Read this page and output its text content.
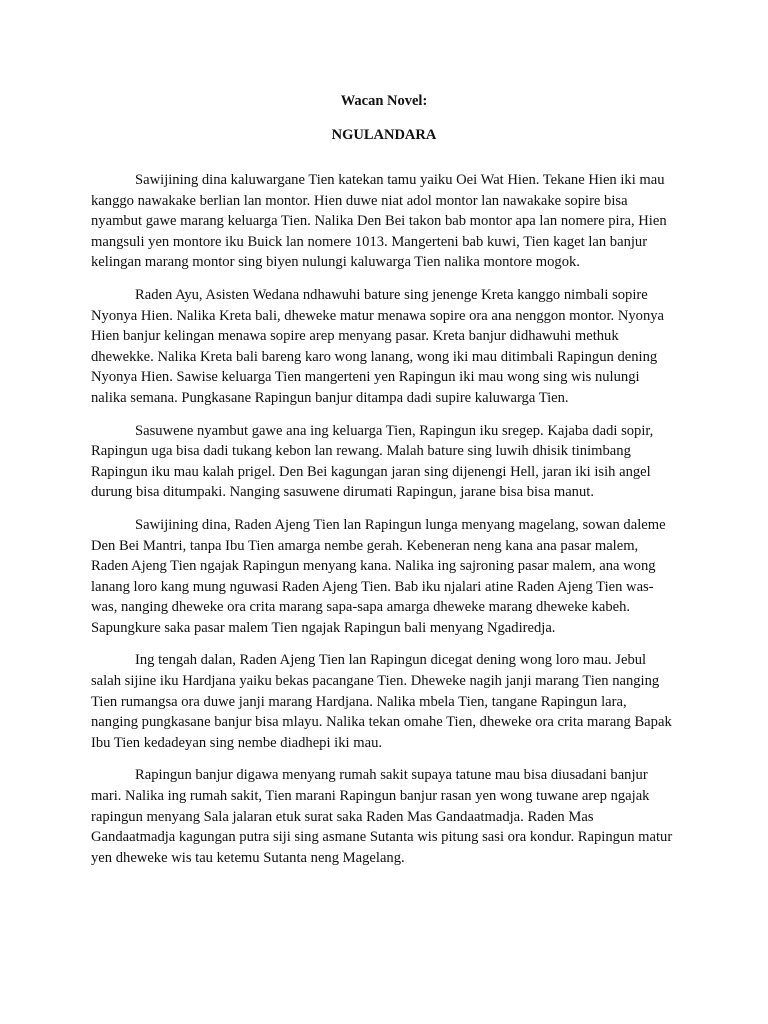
Wacan Novel:

NGULANDARA

Sawijining dina kaluwargane Tien katekan tamu yaiku Oei Wat Hien. Tekane Hien iki mau kanggo nawakake berlian lan montor. Hien duwe niat adol montor lan nawakake sopire bisa nyambut gawe marang keluarga Tien. Nalika Den Bei takon bab montor apa lan nomere pira, Hien mangsuli yen montore iku Buick lan nomere 1013. Mangerteni bab kuwi, Tien kaget lan banjur kelingan marang montor sing biyen nulungi kaluwarga Tien nalika montore mogok.

Raden Ayu, Asisten Wedana ndhawuhi bature sing jenenge Kreta kanggo nimbali sopire Nyonya Hien. Nalika Kreta bali, dheweke matur menawa sopire ora ana nenggon montor. Nyonya Hien banjur kelingan menawa sopire arep menyang pasar. Kreta banjur didhawuhi methuk dhewekke. Nalika Kreta bali bareng karo wong lanang, wong iki mau ditimbali Rapingun dening Nyonya Hien. Sawise keluarga Tien mangerteni yen Rapingun iki mau wong sing wis nulungi nalika semana. Pungkasane Rapingun banjur ditampa dadi supire kaluwarga Tien.

Sasuwene nyambut gawe ana ing keluarga Tien, Rapingun iku sregep. Kajaba dadi sopir, Rapingun uga bisa dadi tukang kebon lan rewang. Malah bature sing luwih dhisik tinimbang Rapingun iku mau kalah prigel. Den Bei kagungan jaran sing dijenengi Hell, jaran iki isih angel durung bisa ditumpaki. Nanging sasuwene dirumati Rapingun, jarane bisa bisa manut.

Sawijining dina, Raden Ajeng Tien lan Rapingun lunga menyang magelang, sowan daleme Den Bei Mantri, tanpa Ibu Tien amarga nembe gerah. Kebeneran neng kana ana pasar malem, Raden Ajeng Tien ngajak Rapingun menyang kana. Nalika ing sajroning pasar malem, ana wong lanang loro kang mung nguwasi Raden Ajeng Tien. Bab iku njalari atine Raden Ajeng Tien was-was, nanging dheweke ora crita marang sapa-sapa amarga dheweke marang dheweke kabeh. Sapungkure saka pasar malem Tien ngajak Rapingun bali menyang Ngadiredja.

Ing tengah dalan, Raden Ajeng Tien lan Rapingun dicegat dening wong loro mau. Jebul salah sijine iku Hardjana yaiku bekas pacangane Tien. Dheweke nagih janji marang Tien nanging Tien rumangsa ora duwe janji marang Hardjana. Nalika mbela Tien, tangane Rapingun lara, nanging pungkasane banjur bisa mlayu. Nalika tekan omahe Tien, dheweke ora crita marang Bapak Ibu Tien kedadeyan sing nembe diadhepi iki mau.

Rapingun banjur digawa menyang rumah sakit supaya tatune mau bisa diusadani banjur mari. Nalika ing rumah sakit, Tien marani Rapingun banjur rasan yen wong tuwane arep ngajak rapingun menyang Sala jalaran etuk surat saka Raden Mas Gandaatmadja. Raden Mas Gandaatmadja kagungan putra siji sing asmane Sutanta wis pitung sasi ora kondur. Rapingun matur yen dheweke wis tau ketemu Sutanta neng Magelang.
